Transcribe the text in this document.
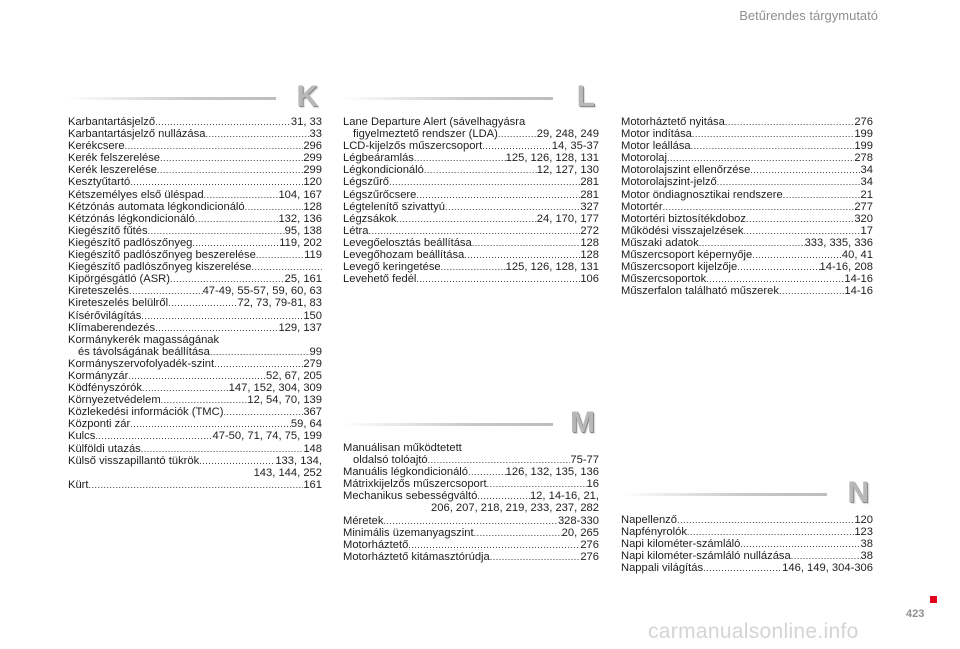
Betűrendes tárgymutató
K	L
M
N
Karbantartásjelző .....	31, 33
Karbantartásjelző nullázása .....	33
Kerékcsere .....	296
Kerék felszerelése .....	299
Kerék leszerelése .....	299
Kesztyűtartó .....	120
Kétszemélyes első üléspad .....	104, 167
Kétzónás automata légkondicionáló .....	128
Kétzónás légkondicionáló .....	132, 136
Kiegészítő fűtés .....	95, 138
Kiegészítő padlószőnyeg .....	119, 202
Kiegészítő padlószőnyeg beszerelése .....	119
Kiegészítő padlószőnyeg kiszerelése
.....
Kipörgésgátló (ASR) .....	25, 161
Kireteszelés .....	47-49, 55-57, 59, 60, 63
Kireteszelés belülről .....	72, 73, 79-81, 83
Kísérővilágítás .....	150
Klímaberendezés .....	129, 137
Kormánykerék magasságának
és távolságának beállítása .....	99
Kormányszervofolyadék-szint .....	279
Kormányzár .....	52, 67, 205
Ködfényszórók .....	147, 152, 304, 309
Környezetvédelem .....	12, 54, 70, 139
Közlekedési információk (TMC) .....	367
Központi zár .....	59, 64
Kulcs .....	47-50, 71, 74, 75, 199
Külföldi utazás .....	148
Külső visszapillantó tükrök .....	133, 134,
143, 144, 252
Kürt .....	161
Lane Departure Alert (sávelhagyásra
figyelmeztető rendszer (LDA) .....	29, 248, 249
LCD-kijelzős műszercsoport .....	14, 35-37
Légbeáramlás .....	125, 126, 128, 131
Légkondicionáló .....	12, 127, 130
Légszűrő .....	281
Légszűrőcsere .....	281
Légtelenítő szivattyú .....	327
Légzsákok .....	24, 170, 177
Létra .....	272
Levegőelosztás beállítása .....	128
Levegőhozam beállítása .....	128
Levegő keringetése .....	125, 126, 128, 131
Levehető fedél .....	106
Manuálisan működtetett
oldalsó tolóajtó .....	75-77
Manuális légkondicionáló .....	126, 132, 135, 136
Mátrixkijelzős műszercsoport .....	16
Mechanikus sebességváltó .....	12, 14-16, 21,
206, 207, 218, 219, 233, 237, 282
Méretek .....	328-330
Minimális üzemanyagszint .....	20, 265
Motorháztető .....	276
Motorháztető kitámasztórúdja .....	276
Motorháztető nyitása .....	276
Motor indítása .....	199
Motor leállása .....	199
Motorolaj .....	278
Motorolajszint ellenőrzése .....	34
Motorolajszint-jelző .....	34
Motor öndiagnosztikai rendszere .....	21
Motortér .....	277
Motortéri biztosítékdoboz .....	320
Működési visszajelzések .....	17
Műszaki adatok .....	333, 335, 336
Műszercsoport képernyője .....	40, 41
Műszercsoport kijelzője .....	14-16, 208
Műszercsoportok .....	14-16
Műszerfalon található műszerek .....	14-16
Napellenző .....	120
Napfényrolók .....	123
Napi kilométer-számláló .....	38
Napi kilométer-számláló nullázása .....	38
Nappali világítás .....	146, 149, 304-306
423
carmanualsonline.info
